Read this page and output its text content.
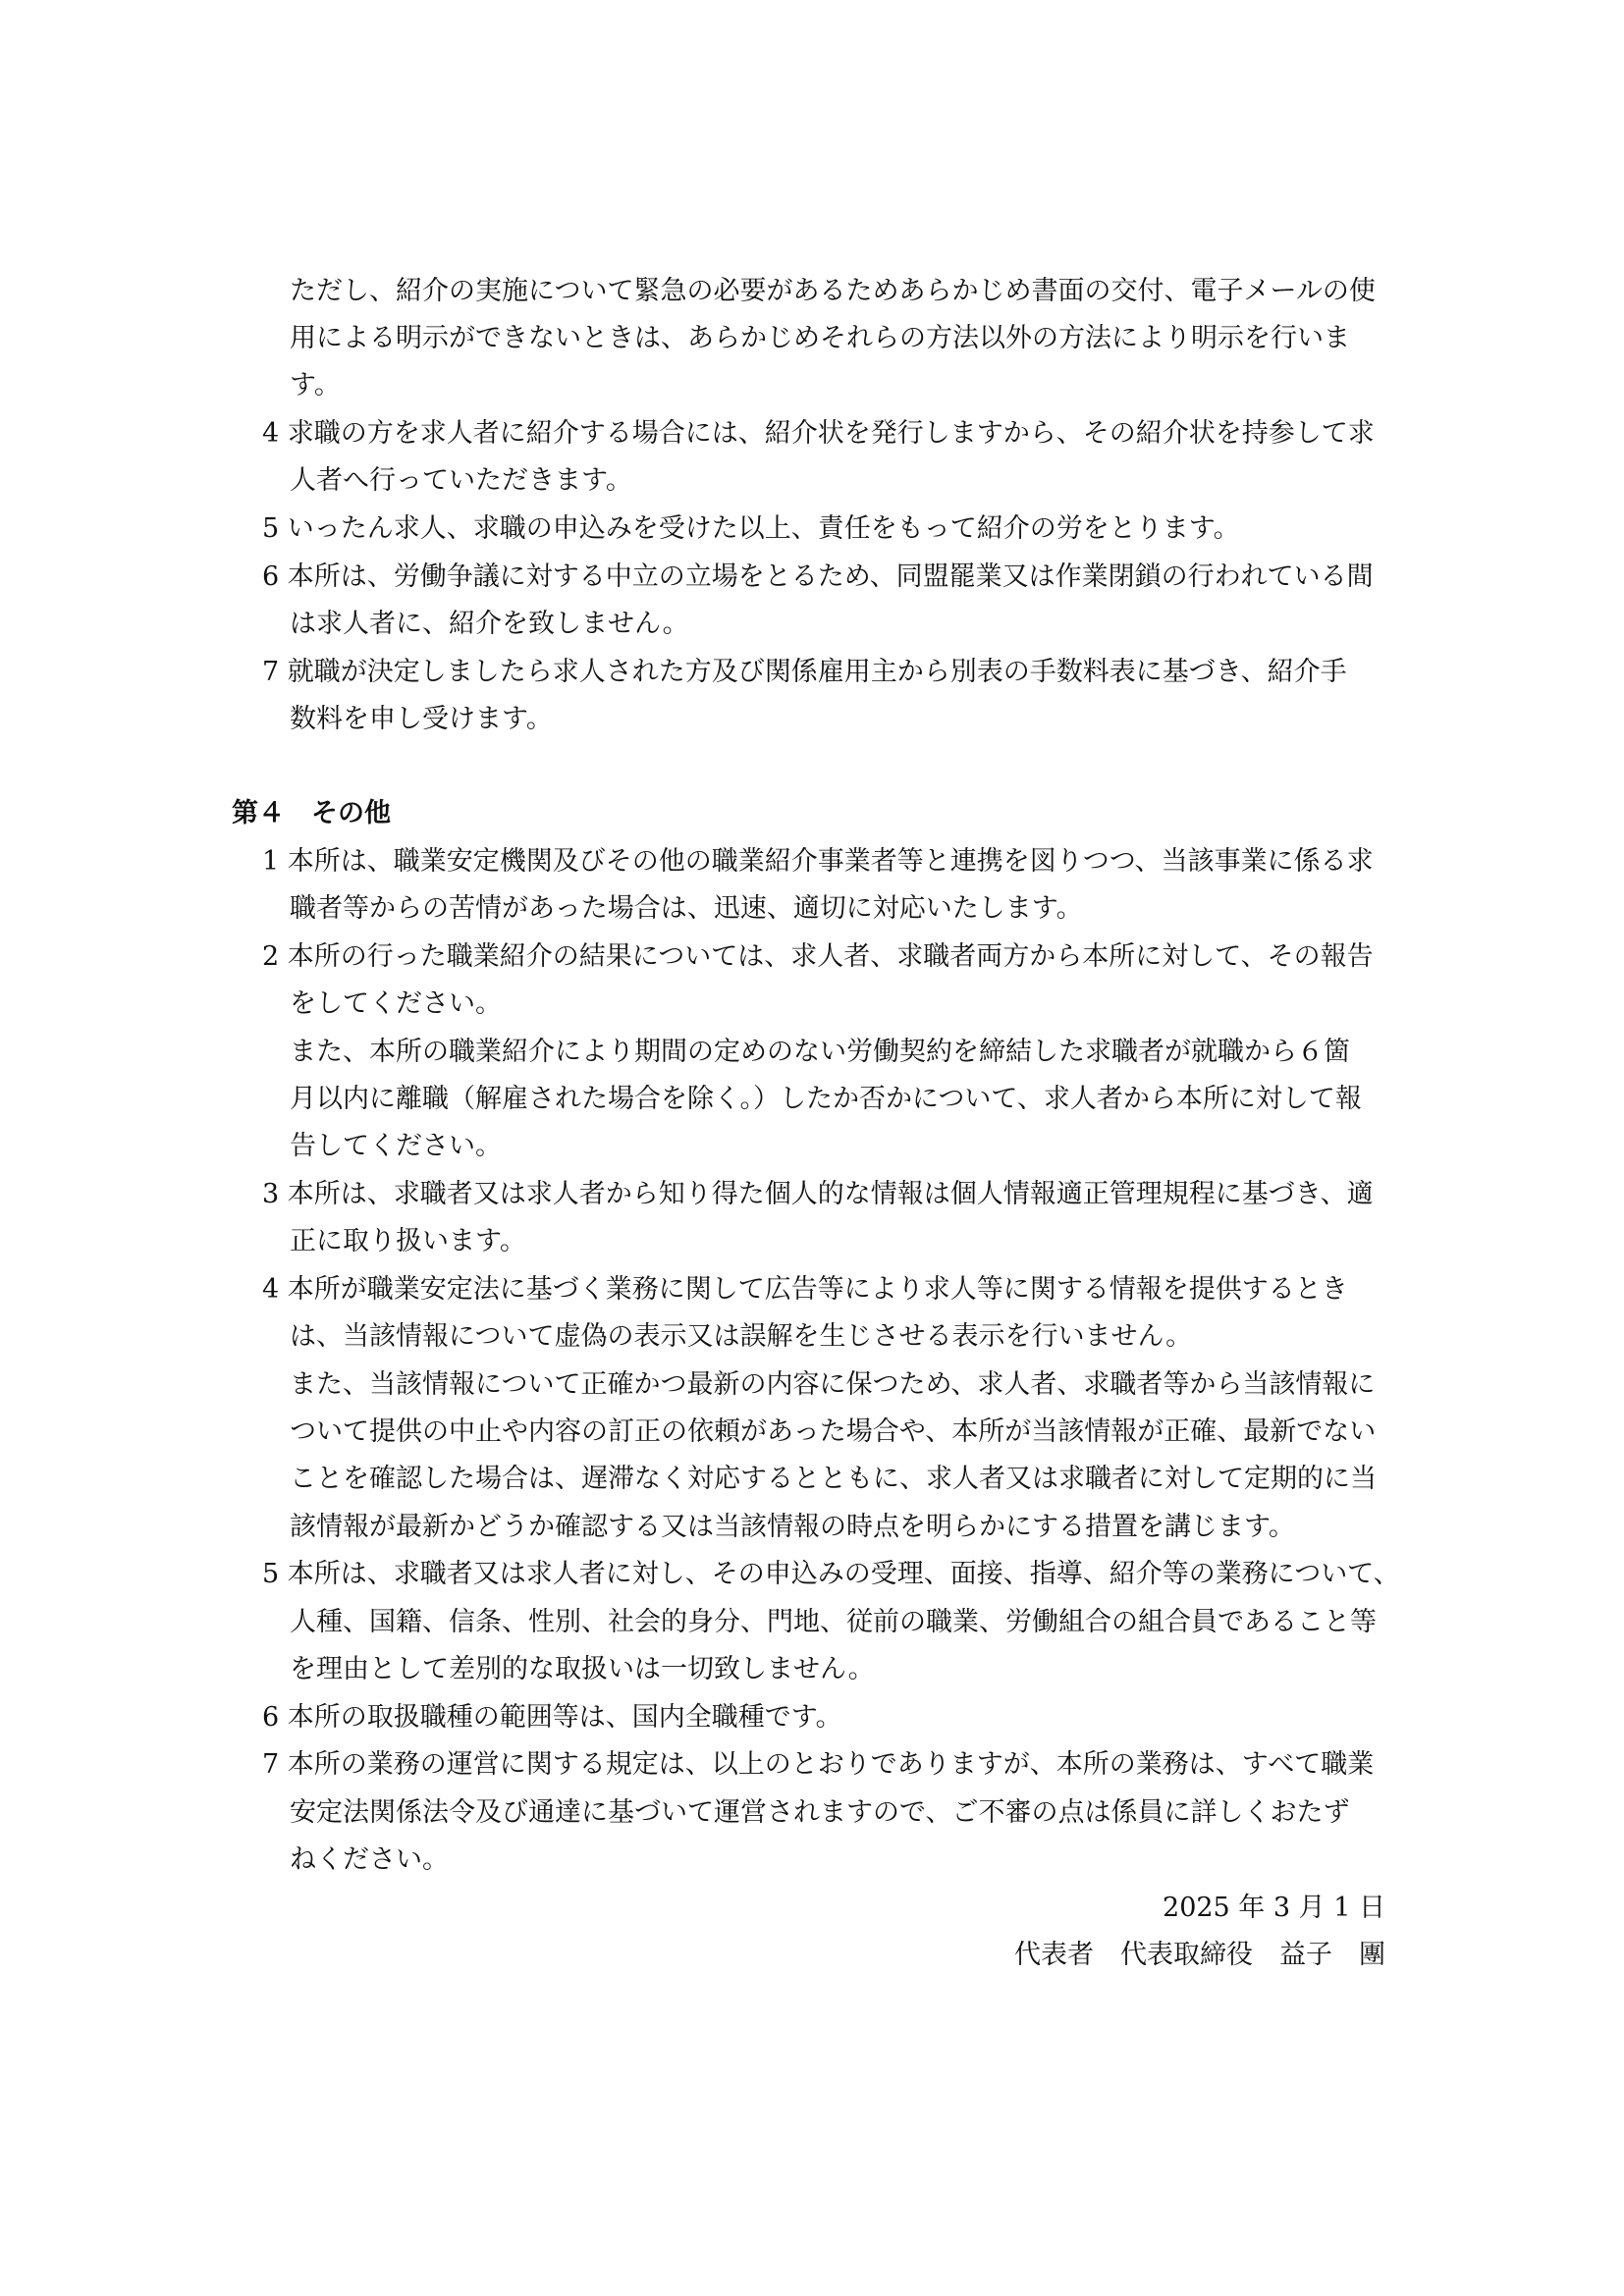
ただし、紹介の実施について緊急の必要があるためあらかじめ書面の交付、電子メールの使
用による明示ができないときは、あらかじめそれらの方法以外の方法により明示を行いま
す。
4 求職の方を求人者に紹介する場合には、紹介状を発行しますから、その紹介状を持参して求
人者へ行っていただきます。
5 いったん求人、求職の申込みを受けた以上、責任をもって紹介の労をとります。
6 本所は、労働争議に対する中立の立場をとるため、同盟罷業又は作業閉鎖の行われている間
は求人者に、紹介を致しません。
7 就職が決定しましたら求人された方及び関係雇用主から別表の手数料表に基づき、紹介手
数料を申し受けます。
第４　その他
1 本所は、職業安定機関及びその他の職業紹介事業者等と連携を図りつつ、当該事業に係る求
職者等からの苦情があった場合は、迅速、適切に対応いたします。
2 本所の行った職業紹介の結果については、求人者、求職者両方から本所に対して、その報告
をしてください。
また、本所の職業紹介により期間の定めのない労働契約を締結した求職者が就職から６箇
月以内に離職（解雇された場合を除く。）したか否かについて、求人者から本所に対して報
告してください。
3 本所は、求職者又は求人者から知り得た個人的な情報は個人情報適正管理規程に基づき、適
正に取り扱います。
4 本所が職業安定法に基づく業務に関して広告等により求人等に関する情報を提供するとき
は、当該情報について虚偽の表示又は誤解を生じさせる表示を行いません。
また、当該情報について正確かつ最新の内容に保つため、求人者、求職者等から当該情報に
ついて提供の中止や内容の訂正の依頼があった場合や、本所が当該情報が正確、最新でない
ことを確認した場合は、遅滞なく対応するとともに、求人者又は求職者に対して定期的に当
該情報が最新かどうか確認する又は当該情報の時点を明らかにする措置を講じます。
5 本所は、求職者又は求人者に対し、その申込みの受理、面接、指導、紹介等の業務について、
人種、国籍、信条、性別、社会的身分、門地、従前の職業、労働組合の組合員であること等
を理由として差別的な取扱いは一切致しません。
6 本所の取扱職種の範囲等は、国内全職種です。
7 本所の業務の運営に関する規定は、以上のとおりでありますが、本所の業務は、すべて職業
安定法関係法令及び通達に基づいて運営されますので、ご不審の点は係員に詳しくおたず
ねください。
2025 年 3 月 1 日
代表者　代表取締役　益子　團
